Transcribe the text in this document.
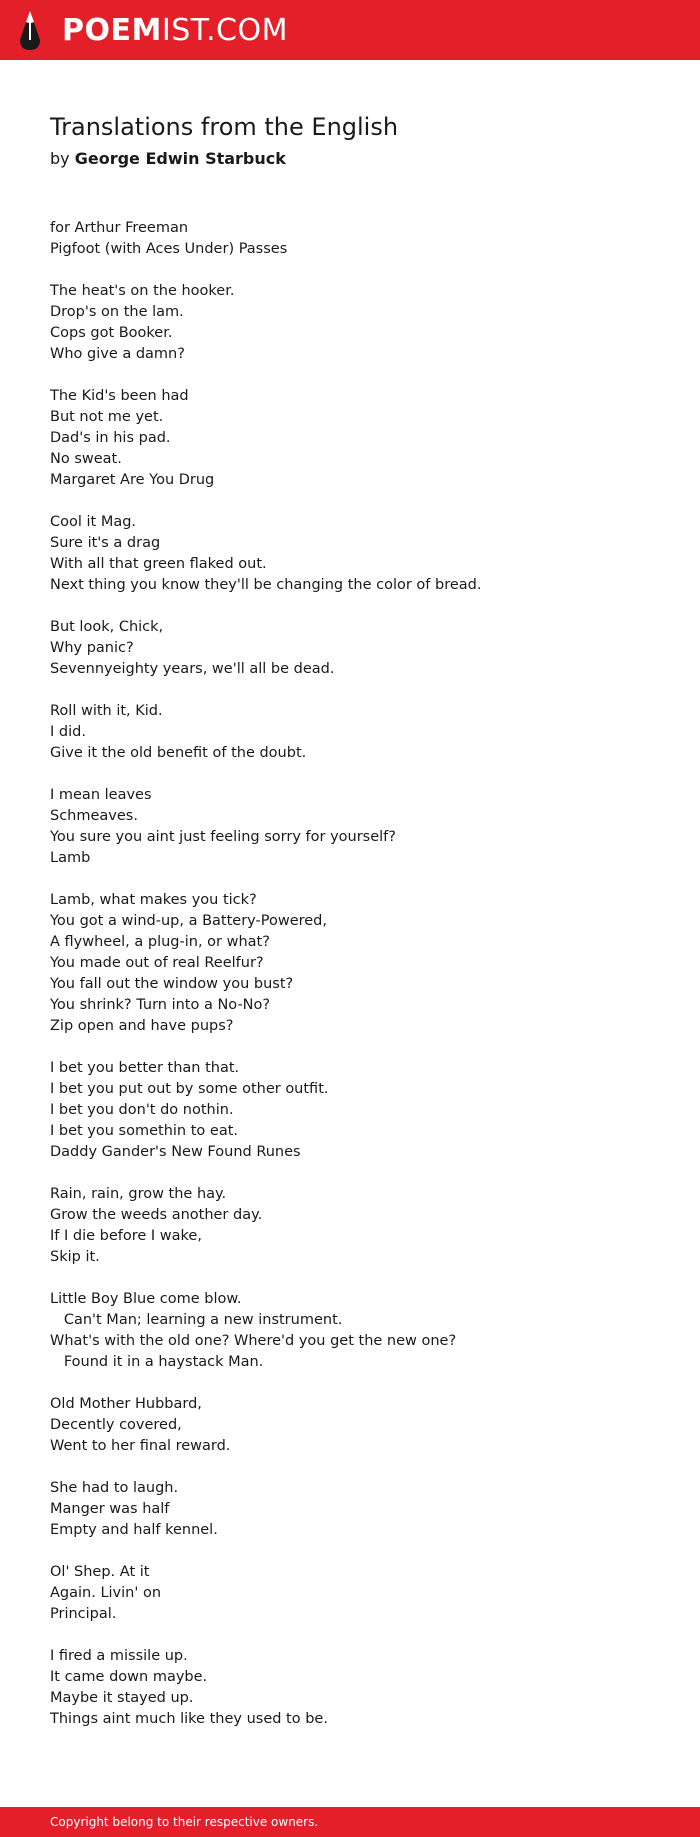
POEMIST.COM
Translations from the English
by George Edwin Starbuck
for Arthur Freeman
Pigfoot (with Aces Under) Passes
The heat's on the hooker.
Drop's on the lam.
Cops got Booker.
Who give a damn?
The Kid's been had
But not me yet.
Dad's in his pad.
No sweat.
Margaret Are You Drug
Cool it Mag.
Sure it's a drag
With all that green flaked out.
Next thing you know they'll be changing the color of bread.
But look, Chick,
Why panic?
Sevennyeighty years, we'll all be dead.
Roll with it, Kid.
I did.
Give it the old benefit of the doubt.
I mean leaves
Schmeaves.
You sure you aint just feeling sorry for yourself?
Lamb
Lamb, what makes you tick?
You got a wind-up, a Battery-Powered,
A flywheel, a plug-in, or what?
You made out of real Reelfur?
You fall out the window you bust?
You shrink? Turn into a No-No?
Zip open and have pups?
I bet you better than that.
I bet you put out by some other outfit.
I bet you don't do nothin.
I bet you somethin to eat.
Daddy Gander's New Found Runes
Rain, rain, grow the hay.
Grow the weeds another day.
If I die before I wake,
Skip it.
Little Boy Blue come blow.
Can't Man; learning a new instrument.
What's with the old one? Where'd you get the new one?
Found it in a haystack Man.
Old Mother Hubbard,
Decently covered,
Went to her final reward.
She had to laugh.
Manger was half
Empty and half kennel.
Ol' Shep. At it
Again. Livin' on
Principal.
I fired a missile up.
It came down maybe.
Maybe it stayed up.
Things aint much like they used to be.
Copyright belong to their respective owners.
